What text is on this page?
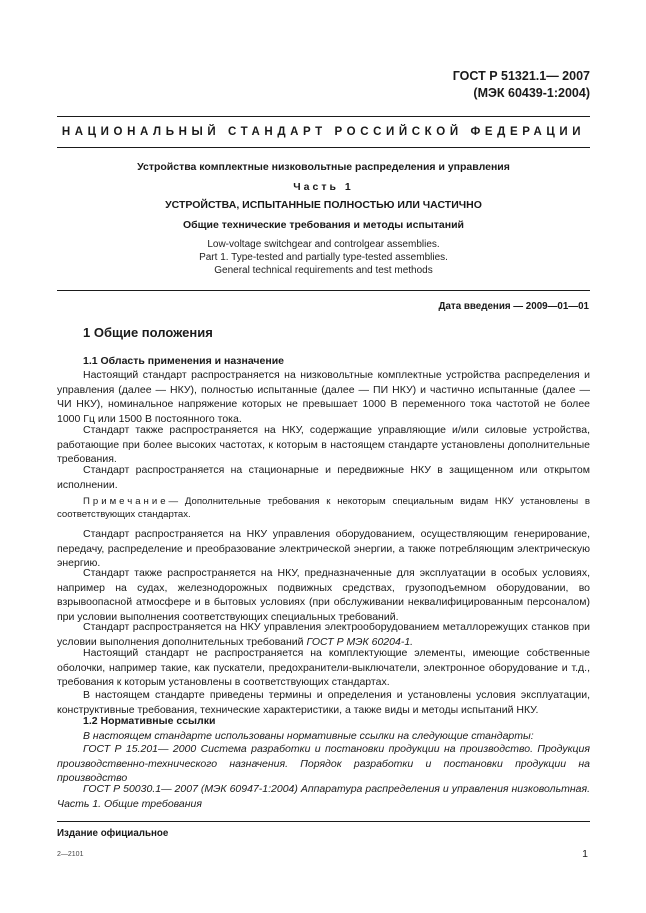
ГОСТ Р 51321.1— 2007
(МЭК 60439-1:2004)
НАЦИОНАЛЬНЫЙ СТАНДАРТ РОССИЙСКОЙ ФЕДЕРАЦИИ
Устройства комплектные низковольтные распределения и управления
Часть 1
УСТРОЙСТВА, ИСПЫТАННЫЕ ПОЛНОСТЬЮ ИЛИ ЧАСТИЧНО
Общие технические требования и методы испытаний
Low-voltage switchgear and controlgear assemblies.
Part 1. Type-tested and partially type-tested assemblies.
General technical requirements and test methods
Дата введения — 2009—01—01
1 Общие положения
1.1 Область применения и назначение
Настоящий стандарт распространяется на низковольтные комплектные устройства распределения и управления (далее — НКУ), полностью испытанные (далее — ПИ НКУ) и частично испытанные (далее — ЧИ НКУ), номинальное напряжение которых не превышает 1000 В переменного тока частотой не более 1000 Гц или 1500 В постоянного тока.
Стандарт также распространяется на НКУ, содержащие управляющие и/или силовые устройства, работающие при более высоких частотах, к которым в настоящем стандарте установлены дополнительные требования.
Стандарт распространяется на стационарные и передвижные НКУ в защищенном или открытом исполнении.
Примечание— Дополнительные требования к некоторым специальным видам НКУ установлены в соответствующих стандартах.
Стандарт распространяется на НКУ управления оборудованием, осуществляющим генерирование, передачу, распределение и преобразование электрической энергии, а также потребляющим электрическую энергию.
Стандарт также распространяется на НКУ, предназначенные для эксплуатации в особых условиях, например на судах, железнодорожных подвижных средствах, грузоподъемном оборудовании, во взрывоопасной атмосфере и в бытовых условиях (при обслуживании неквалифицированным персоналом) при условии выполнения соответствующих специальных требований.
Стандарт распространяется на НКУ управления электрооборудованием металлорежущих станков при условии выполнения дополнительных требований ГОСТ Р МЭК 60204-1.
Настоящий стандарт не распространяется на комплектующие элементы, имеющие собственные оболочки, например такие, как пускатели, предохранители-выключатели, электронное оборудование и т.д., требования к которым установлены в соответствующих стандартах.
В настоящем стандарте приведены термины и определения и установлены условия эксплуатации, конструктивные требования, технические характеристики, а также виды и методы испытаний НКУ.
1.2 Нормативные ссылки
В настоящем стандарте использованы нормативные ссылки на следующие стандарты:
ГОСТ Р 15.201— 2000 Система разработки и постановки продукции на производство. Продукция производственно-технического назначения. Порядок разработки и постановки продукции на производство
ГОСТ Р 50030.1— 2007 (МЭК 60947-1:2004) Аппаратура распределения и управления низковольтная. Часть 1. Общие требования
Издание официальное
2—2101	1
